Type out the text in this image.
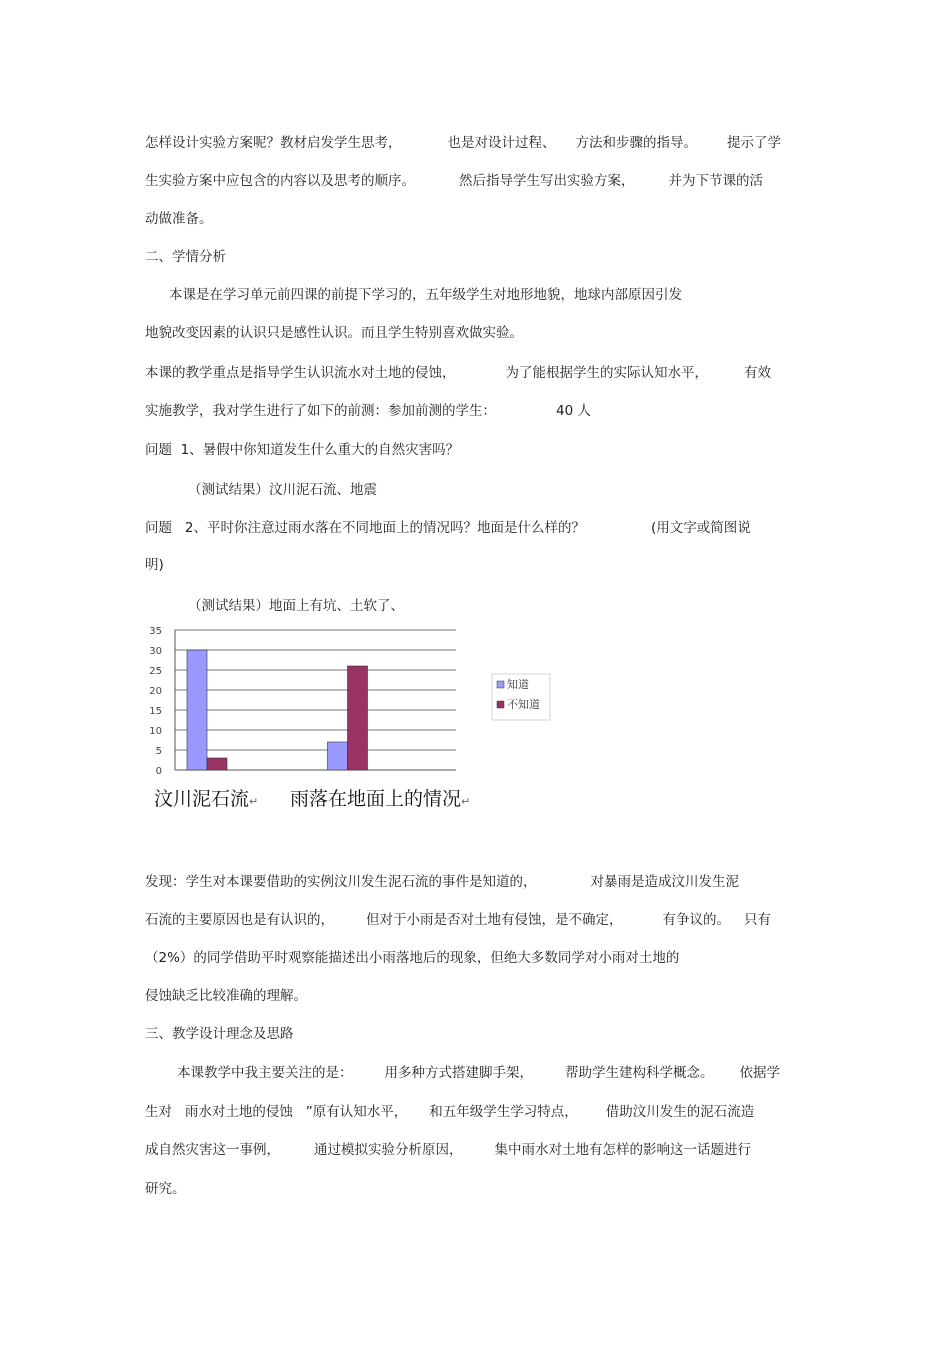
怎样设计实验方案呢？教材启发学生思考，	也是对设计过程、 方法和步骤的指导。 提示了学
生实验方案中应包含的内容以及思考的顺序。	然后指导学生写出实验方案，	并为下节课的活
动做准备。
二、学情分析
本课是在学习单元前四课的前提下学习的，五年级学生对地形地貌，地球内部原因引发
地貌改变因素的认识只是感性认识。而且学生特别喜欢做实验。
本课的教学重点是指导学生认识流水对土地的侵蚀，	为了能根据学生的实际认知水平，	有效
实施教学，我对学生进行了如下的前测：参加前测的学生：	40 人
问题  1、暑假中你知道发生什么重大的自然灾害吗？
（测试结果）汶川泥石流、地震
问题   2、平时你注意过雨水落在不同地面上的情况吗？地面是什么样的？	(用文字或简图说
明)
（测试结果）地面上有坑、土软了、
0
5
10
15
20
25
30
35
知道
不知道
汶川泥石流↵ 雨落在地面上的情况↵
发现：学生对本课要借助的实例汶川发生泥石流的事件是知道的，	对暴雨是造成汶川发生泥
石流的主要原因也是有认识的， 但对于小雨是否对土地有侵蚀，是不确定，	有争议的。 只有
（2%）的同学借助平时观察能描述出小雨落地后的现象，但绝大多数同学对小雨对土地的
侵蚀缺乏比较准确的理解。
三、教学设计理念及思路
本课教学中我主要关注的是： 用多种方式搭建脚手架， 帮助学生建构科学概念。 依据学
生对   雨水对土地的侵蚀   ”原有认知水平， 和五年级学生学习特点， 借助汶川发生的泥石流造
成自然灾害这一事例，	通过模拟实验分析原因， 集中雨水对土地有怎样的影响这一话题进行
研究。
